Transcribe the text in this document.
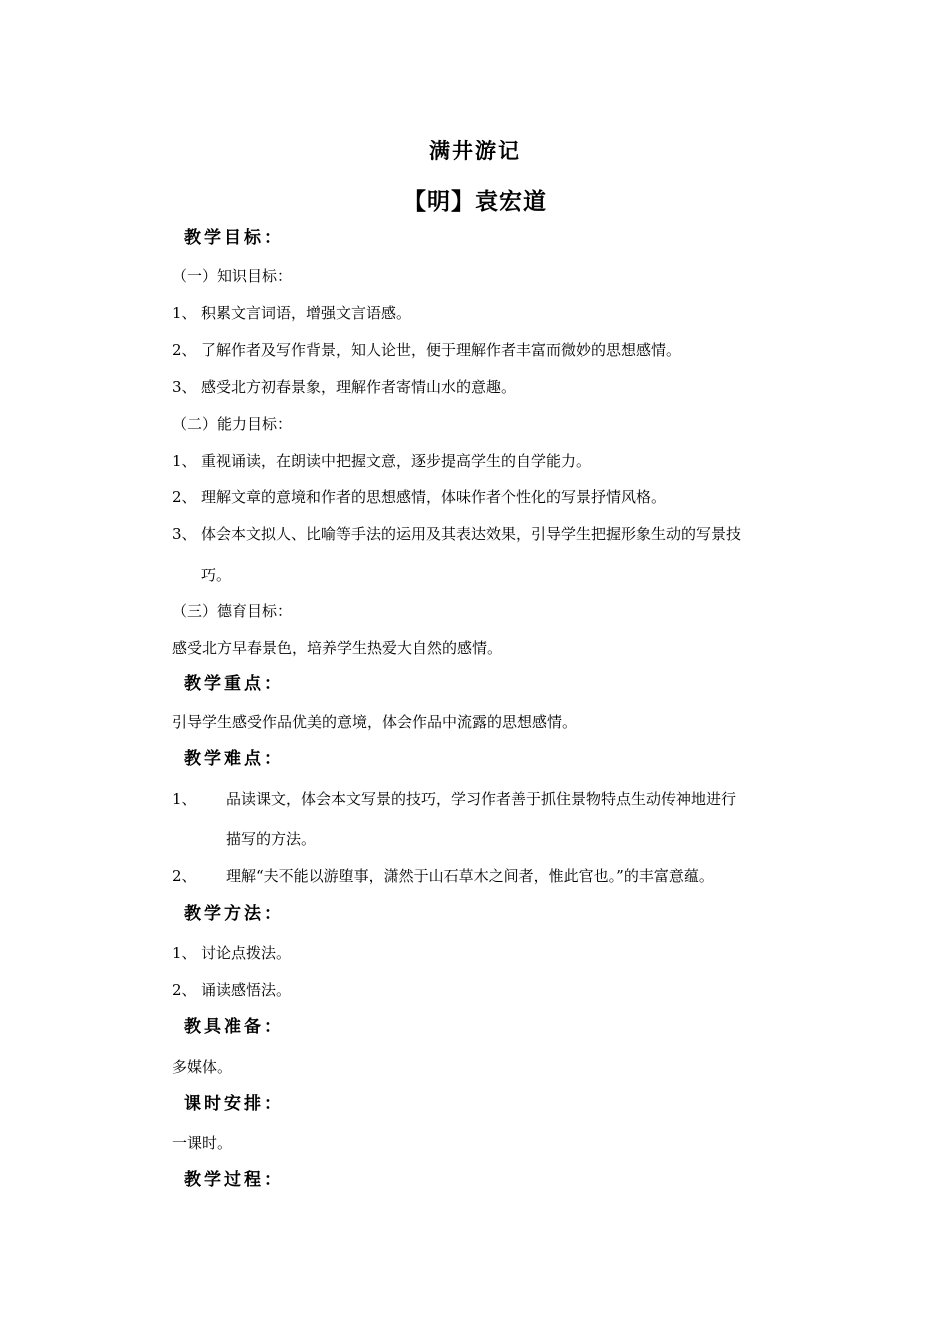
满井游记
【明】袁宏道
教学目标：
（一）知识目标：
1、 积累文言词语，增强文言语感。
2、 了解作者及写作背景，知人论世，便于理解作者丰富而微妙的思想感情。
3、 感受北方初春景象，理解作者寄情山水的意趣。
（二）能力目标：
1、 重视诵读，在朗读中把握文意，逐步提高学生的自学能力。
2、 理解文章的意境和作者的思想感情，体味作者个性化的写景抒情风格。
3、 体会本文拟人、比喻等手法的运用及其表达效果，引导学生把握形象生动的写景技
巧。
（三）德育目标：
感受北方早春景色，培养学生热爱大自然的感情。
教学重点：
引导学生感受作品优美的意境，体会作品中流露的思想感情。
教学难点：
1、 品读课文，体会本文写景的技巧，学习作者善于抓住景物特点生动传神地进行
描写的方法。
2、 理解“夫不能以游堕事，潇然于山石草木之间者，惟此官也。”的丰富意蕴。
教学方法：
1、 讨论点拨法。
2、 诵读感悟法。
教具准备：
多媒体。
课时安排：
一课时。
教学过程：
